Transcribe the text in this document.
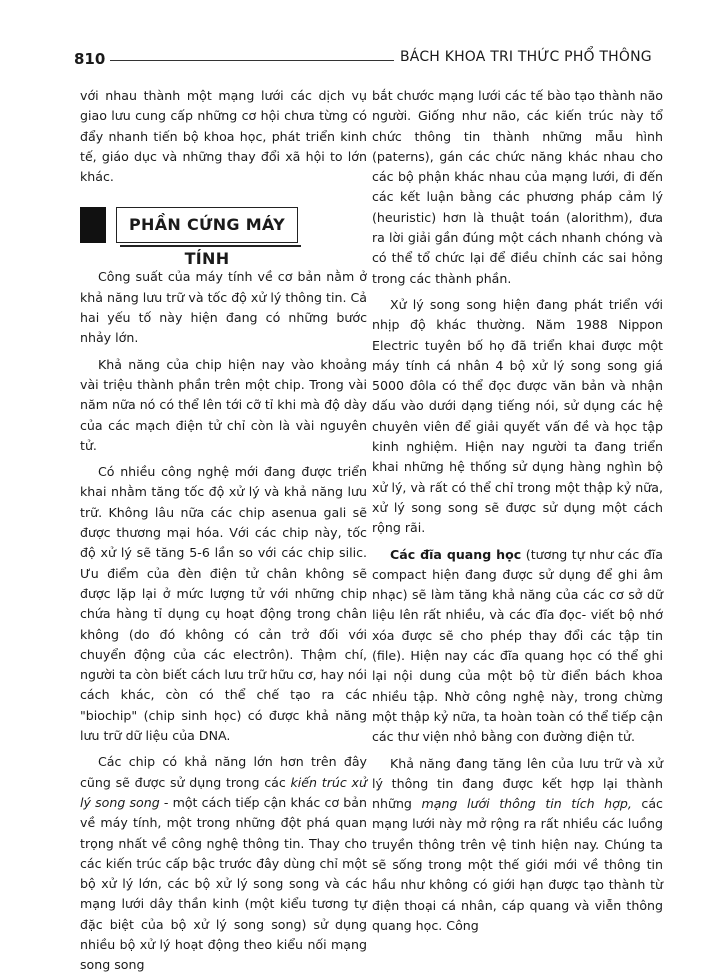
810	BÁCH KHOA TRI THỨC PHỔ THÔNG

với nhau thành một mạng lưới các dịch vụ giao lưu cung cấp những cơ hội chưa từng có đẩy nhanh tiến bộ khoa học, phát triển kinh tế, giáo dục và những thay đổi xã hội to lớn khác.

PHẦN CỨNG MÁY TÍNH

Công suất của máy tính về cơ bản nằm ở khả năng lưu trữ và tốc độ xử lý thông tin. Cả hai yếu tố này hiện đang có những bước nhảy lớn.

Khả năng của chip hiện nay vào khoảng vài triệu thành phần trên một chip. Trong vài năm nữa nó có thể lên tới cỡ tỉ khi mà độ dày của các mạch điện tử chỉ còn là vài nguyên tử.

Có nhiều công nghệ mới đang được triển khai nhằm tăng tốc độ xử lý và khả năng lưu trữ. Không lâu nữa các chip asenua gali sẽ được thương mại hóa. Với các chip này, tốc độ xử lý sẽ tăng 5-6 lần so với các chip silic. Ưu điểm của đèn điện tử chân không sẽ được lặp lại ở mức lượng tử với những chip chứa hàng tỉ dụng cụ hoạt động trong chân không (do đó không có cản trở đối với chuyển động của các electrôn). Thậm chí, người ta còn biết cách lưu trữ hữu cơ, hay nói cách khác, còn có thể chế tạo ra các "biochip" (chip sinh học) có được khả năng lưu trữ dữ liệu của DNA.

Các chip có khả năng lớn hơn trên đây cũng sẽ được sử dụng trong các kiến trúc xử lý song song - một cách tiếp cận khác cơ bản về máy tính, một trong những đột phá quan trọng nhất về công nghệ thông tin. Thay cho các kiến trúc cấp bậc trước đây dùng chỉ một bộ xử lý lớn, các bộ xử lý song song và các mạng lưới dây thần kinh (một kiểu tương tự đặc biệt của bộ xử lý song song) sử dụng nhiều bộ xử lý hoạt động theo kiểu nối mạng song song

bắt chước mạng lưới các tế bào tạo thành não người. Giống như não, các kiến trúc này tổ chức thông tin thành những mẫu hình (paterns), gán các chức năng khác nhau cho các bộ phận khác nhau của mạng lưới, đi đến các kết luận bằng các phương pháp cảm lý (heuristic) hơn là thuật toán (alorithm), đưa ra lời giải gần đúng một cách nhanh chóng và có thể tổ chức lại để điều chỉnh các sai hỏng trong các thành phần.

Xử lý song song hiện đang phát triển với nhịp độ khác thường. Năm 1988 Nippon Electric tuyên bố họ đã triển khai được một máy tính cá nhân 4 bộ xử lý song song giá 5000 đôla có thể đọc được văn bản và nhận dấu vào dưới dạng tiếng nói, sử dụng các hệ chuyên viên để giải quyết vấn đề và học tập kinh nghiệm. Hiện nay người ta đang triển khai những hệ thống sử dụng hàng nghìn bộ xử lý, và rất có thể chỉ trong một thập kỷ nữa, xử lý song song sẽ được sử dụng một cách rộng rãi.

Các đĩa quang học (tương tự như các đĩa compact hiện đang được sử dụng để ghi âm nhạc) sẽ làm tăng khả năng của các cơ sở dữ liệu lên rất nhiều, và các đĩa đọc- viết bộ nhớ xóa được sẽ cho phép thay đổi các tập tin (file). Hiện nay các đĩa quang học có thể ghi lại nội dung của một bộ từ điển bách khoa nhiều tập. Nhờ công nghệ này, trong chừng một thập kỷ nữa, ta hoàn toàn có thể tiếp cận các thư viện nhỏ bằng con đường điện tử.

Khả năng đang tăng lên của lưu trữ và xử lý thông tin đang được kết hợp lại thành những mạng lưới thông tin tích hợp, các mạng lưới này mở rộng ra rất nhiều các luồng truyền thông trên vệ tinh hiện nay. Chúng ta sẽ sống trong một thế giới mới về thông tin hầu như không có giới hạn được tạo thành từ điện thoại cá nhân, cáp quang và viễn thông quang học. Công
